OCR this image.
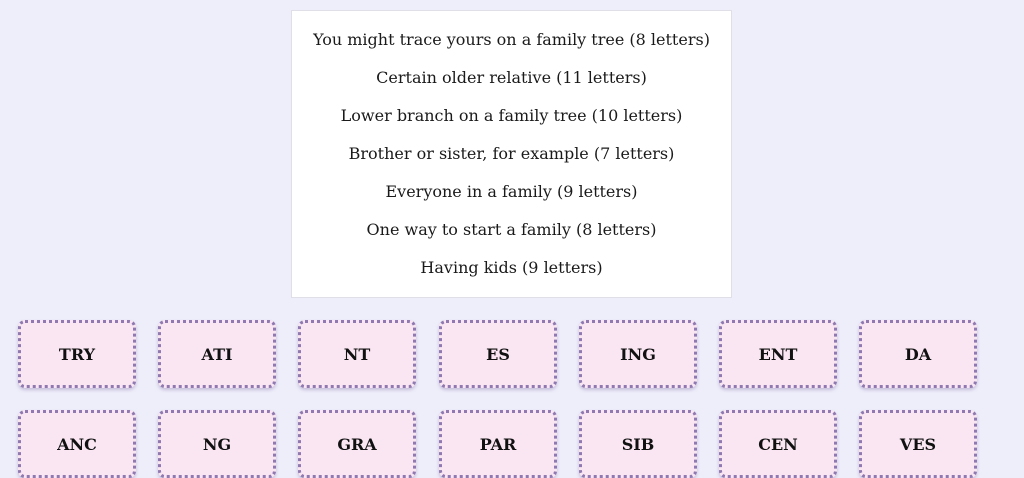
You might trace yours on a family tree (8 letters)
Certain older relative (11 letters)
Lower branch on a family tree (10 letters)
Brother or sister, for example (7 letters)
Everyone in a family (9 letters)
One way to start a family (8 letters)
Having kids (9 letters)
TRY	ATI	NT	ES	ING	ENT	DA
ANC	NG	GRA	PAR	SIB	CEN	VES
